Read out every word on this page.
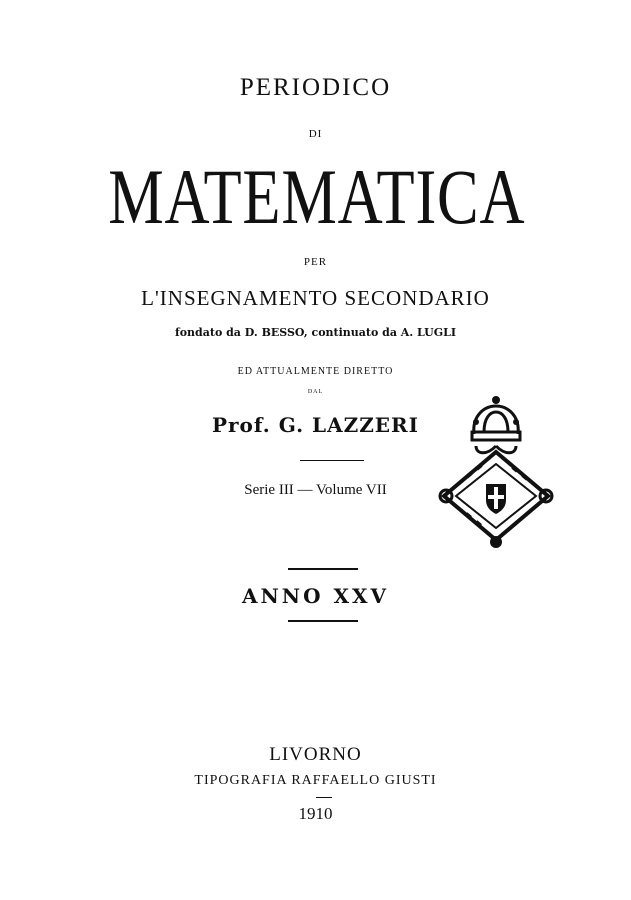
PERIODICO
DI
MATEMATICA
PER
L'INSEGNAMENTO SECONDARIO
fondato da D. BESSO, continuato da A. LUGLI
ED ATTUALMENTE DIRETTO
DAL
Prof. G. LAZZERI
Serie III — Volume VII
ANNO XXV
LIVORNO
TIPOGRAFIA RAFFAELLO GIUSTI
1910
